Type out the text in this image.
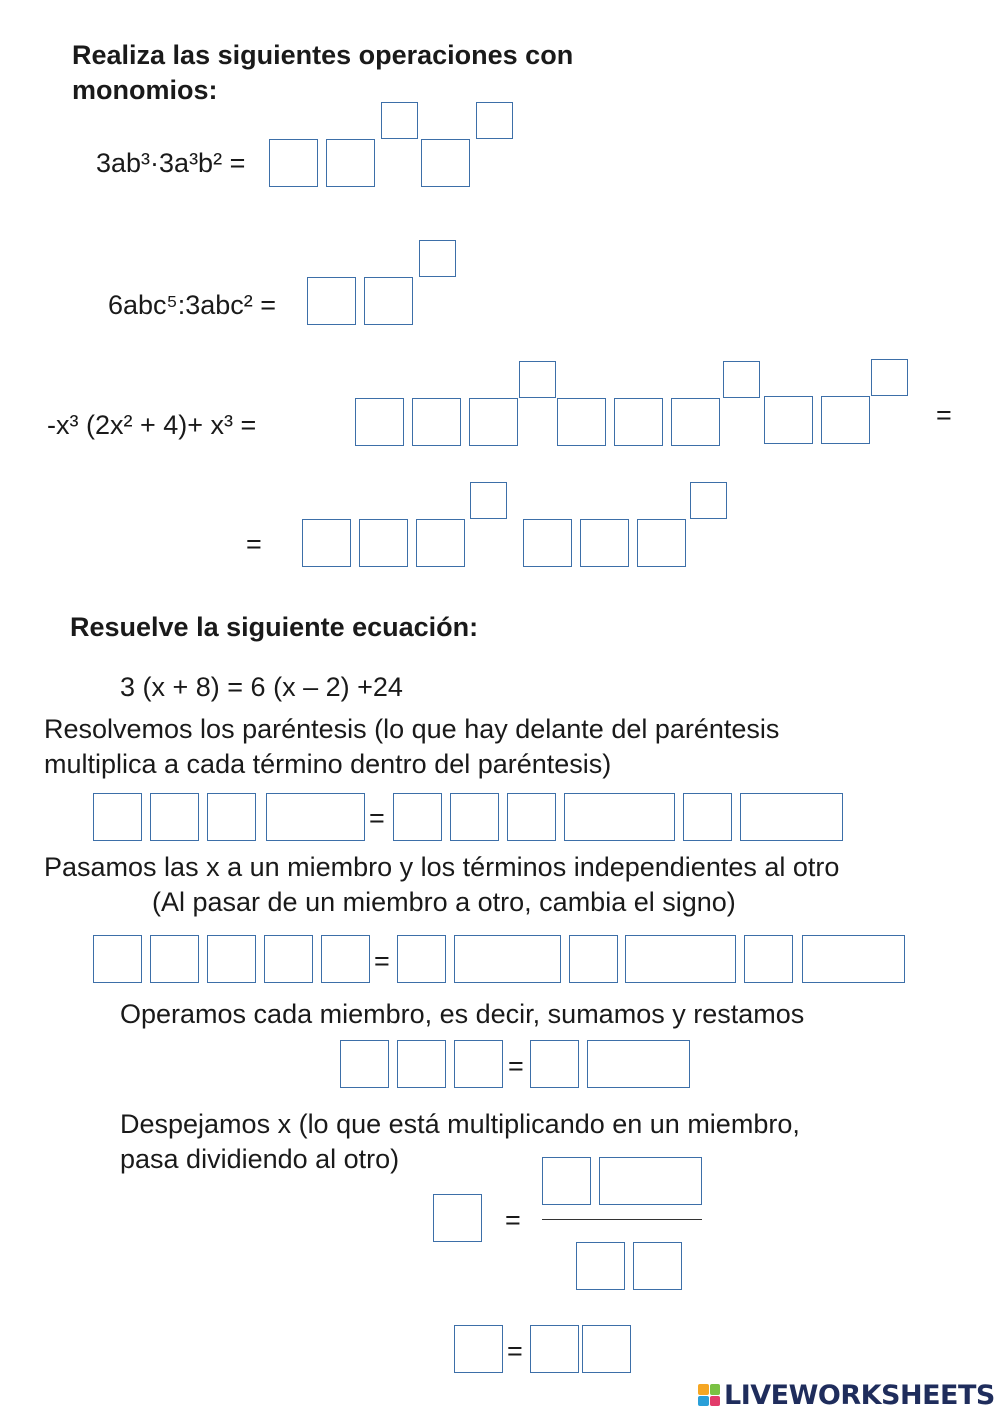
Realiza las siguientes operaciones con
monomios:
3ab³·3a³b² =
6abc⁵:3abc² =
-x³ (2x² + 4)+ x³ =	=
=
Resuelve la siguiente ecuación:
3 (x + 8) = 6 (x – 2) +24
Resolvemos los paréntesis (lo que hay delante del paréntesis
multiplica a cada término dentro del paréntesis)
=
Pasamos las x a un miembro y los términos independientes al otro
(Al pasar de un miembro a otro, cambia el signo)
=
Operamos cada miembro, es decir, sumamos y restamos
=
Despejamos x (lo que está multiplicando en un miembro,
pasa dividiendo al otro)
=
=
LIVEWORKSHEETS
